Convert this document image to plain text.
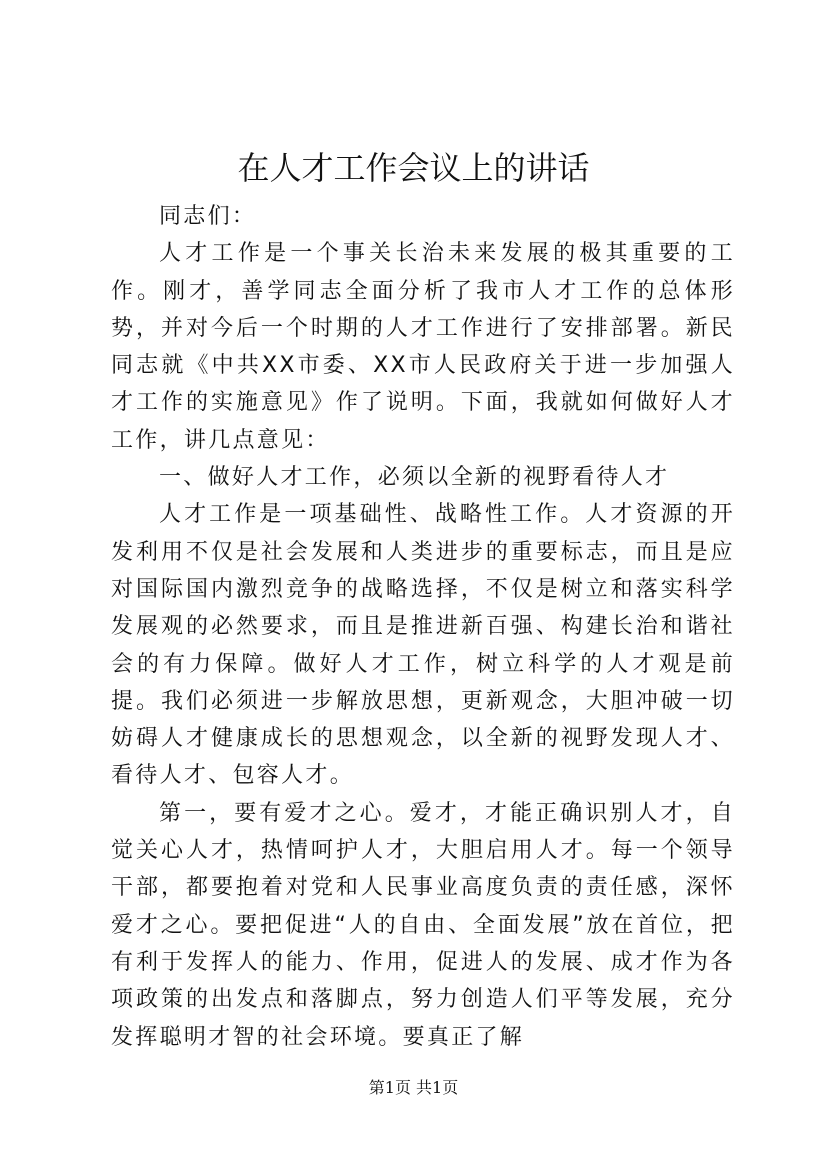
在人才工作会议上的讲话

同志们：

人才工作是一个事关长治未来发展的极其重要的工作。刚才，善学同志全面分析了我市人才工作的总体形势，并对今后一个时期的人才工作进行了安排部署。新民同志就《中共XX市委、XX市人民政府关于进一步加强人才工作的实施意见》作了说明。下面，我就如何做好人才工作，讲几点意见：

一、做好人才工作，必须以全新的视野看待人才

人才工作是一项基础性、战略性工作。人才资源的开发利用不仅是社会发展和人类进步的重要标志，而且是应对国际国内激烈竞争的战略选择，不仅是树立和落实科学发展观的必然要求，而且是推进新百强、构建长治和谐社会的有力保障。做好人才工作，树立科学的人才观是前提。我们必须进一步解放思想，更新观念，大胆冲破一切妨碍人才健康成长的思想观念，以全新的视野发现人才、看待人才、包容人才。

第一，要有爱才之心。爱才，才能正确识别人才，自觉关心人才，热情呵护人才，大胆启用人才。每一个领导干部，都要抱着对党和人民事业高度负责的责任感，深怀爱才之心。要把促进“人的自由、全面发展”放在首位，把有利于发挥人的能力、作用，促进人的发展、成才作为各项政策的出发点和落脚点，努力创造人们平等发展，充分发挥聪明才智的社会环境。要真正了解

第1页 共1页
